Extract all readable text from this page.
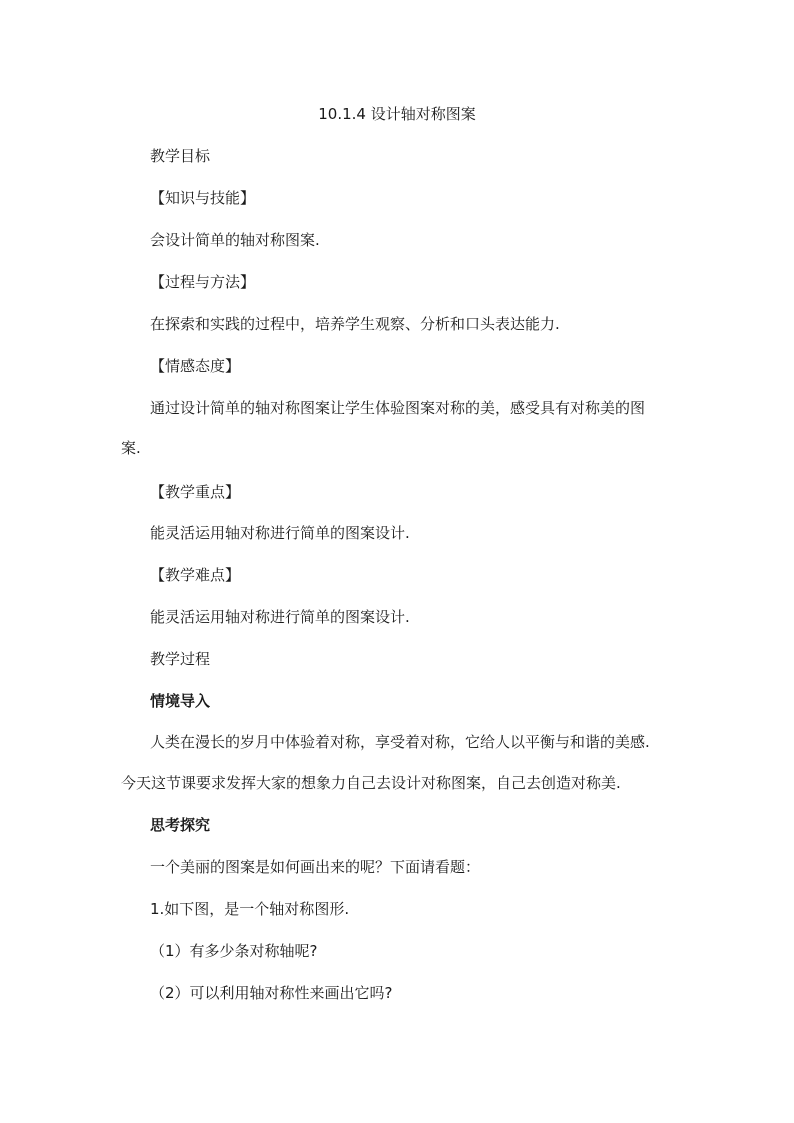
10.1.4 设计轴对称图案
教学目标
【知识与技能】
会设计简单的轴对称图案.
【过程与方法】
在探索和实践的过程中，培养学生观察、分析和口头表达能力.
【情感态度】
通过设计简单的轴对称图案让学生体验图案对称的美，感受具有对称美的图
案.
【教学重点】
能灵活运用轴对称进行简单的图案设计.
【教学难点】
能灵活运用轴对称进行简单的图案设计.
教学过程
情境导入
人类在漫长的岁月中体验着对称，享受着对称，它给人以平衡与和谐的美感.
今天这节课要求发挥大家的想象力自己去设计对称图案，自己去创造对称美.
思考探究
一个美丽的图案是如何画出来的呢？下面请看题：
1.如下图，是一个轴对称图形.
（1）有多少条对称轴呢?
（2）可以利用轴对称性来画出它吗?
